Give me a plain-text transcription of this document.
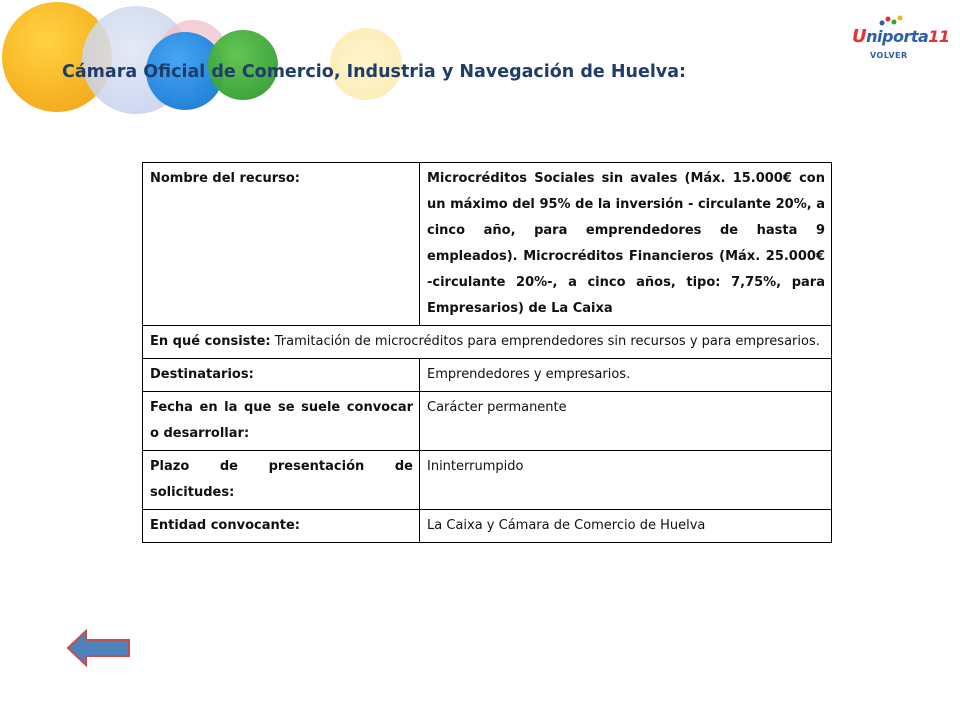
Cámara Oficial de Comercio, Industria y Navegación de Huelva:
Uniporta11
VOLVER
Nombre del recurso:	Microcréditos Sociales sin avales (Máx. 15.000€ con un máximo del 95% de la inversión - circulante 20%, a cinco año, para emprendedores de hasta 9 empleados). Microcréditos Financieros (Máx. 25.000€ -circulante 20%-, a cinco años, tipo: 7,75%, para Empresarios) de La Caixa
En qué consiste: Tramitación de microcréditos para emprendedores sin recursos y para empresarios.	
Destinatarios:	Emprendedores y empresarios.
Fecha en la que se suele convocar o desarrollar:	Carácter permanente
Plazo de presentación de solicitudes:	Ininterrumpido
Entidad convocante:	La Caixa y Cámara de Comercio de Huelva
